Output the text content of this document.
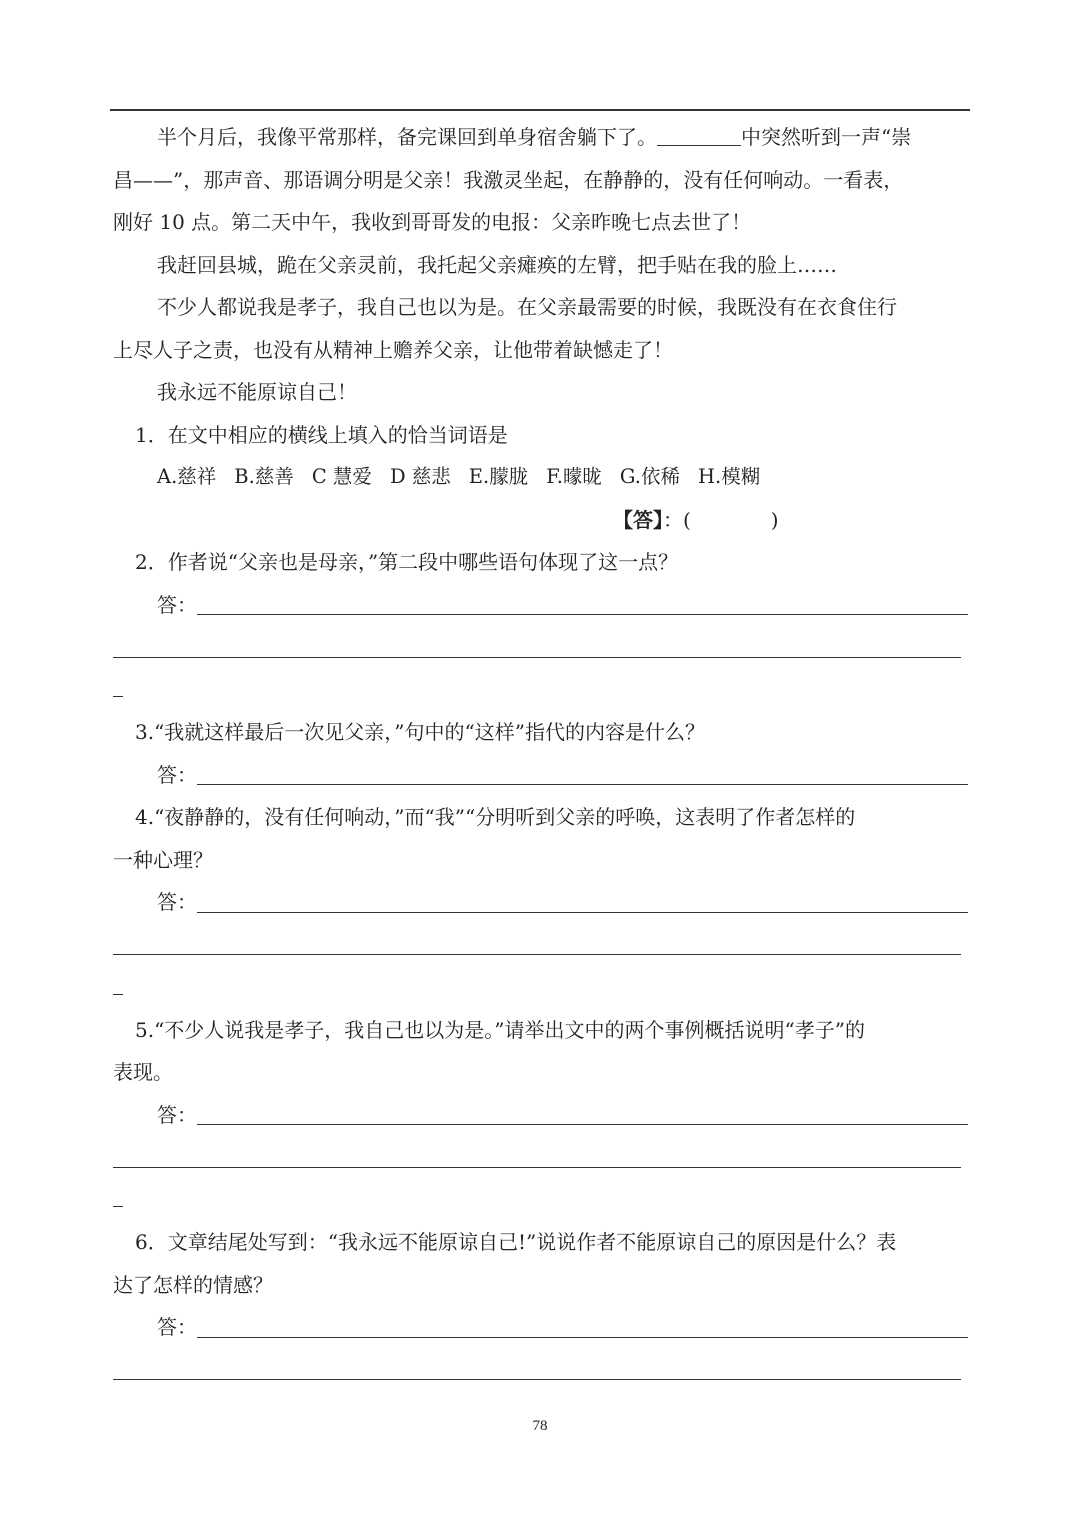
半个月后，我像平常那样，备完课回到单身宿舍躺下了。	中突然听到一声“崇
昌——”，那声音、那语调分明是父亲！我激灵坐起，在静静的，没有任何响动。一看表，
刚好 10 点。第二天中午，我收到哥哥发的电报：父亲昨晚七点去世了！
我赶回县城，跪在父亲灵前，我托起父亲瘫痪的左臂，把手贴在我的脸上……
不少人都说我是孝子，我自己也以为是。在父亲最需要的时候，我既没有在衣食住行
上尽人子之责，也没有从精神上赡养父亲，让他带着缺憾走了！
我永远不能原谅自己！
1．在文中相应的横线上填入的恰当词语是
A.慈祥 B.慈善 C 慧爱 D 慈悲 E.朦胧 F.曚昽 G.依稀 H.模糊
【答】：(　　　　)
2．作者说“父亲也是母亲，”第二段中哪些语句体现了这一点？
答：
3.“我就这样最后一次见父亲，”句中的“这样”指代的内容是什么？
答：
4.“夜静静的，没有任何响动，”而“我”“分明听到父亲的呼唤，这表明了作者怎样的
一种心理？
答：
5.“不少人说我是孝子，我自己也以为是。”请举出文中的两个事例概括说明“孝子”的
表现。
答：
6．文章结尾处写到：“我永远不能原谅自己!”说说作者不能原谅自己的原因是什么？表
达了怎样的情感？
答：
78
